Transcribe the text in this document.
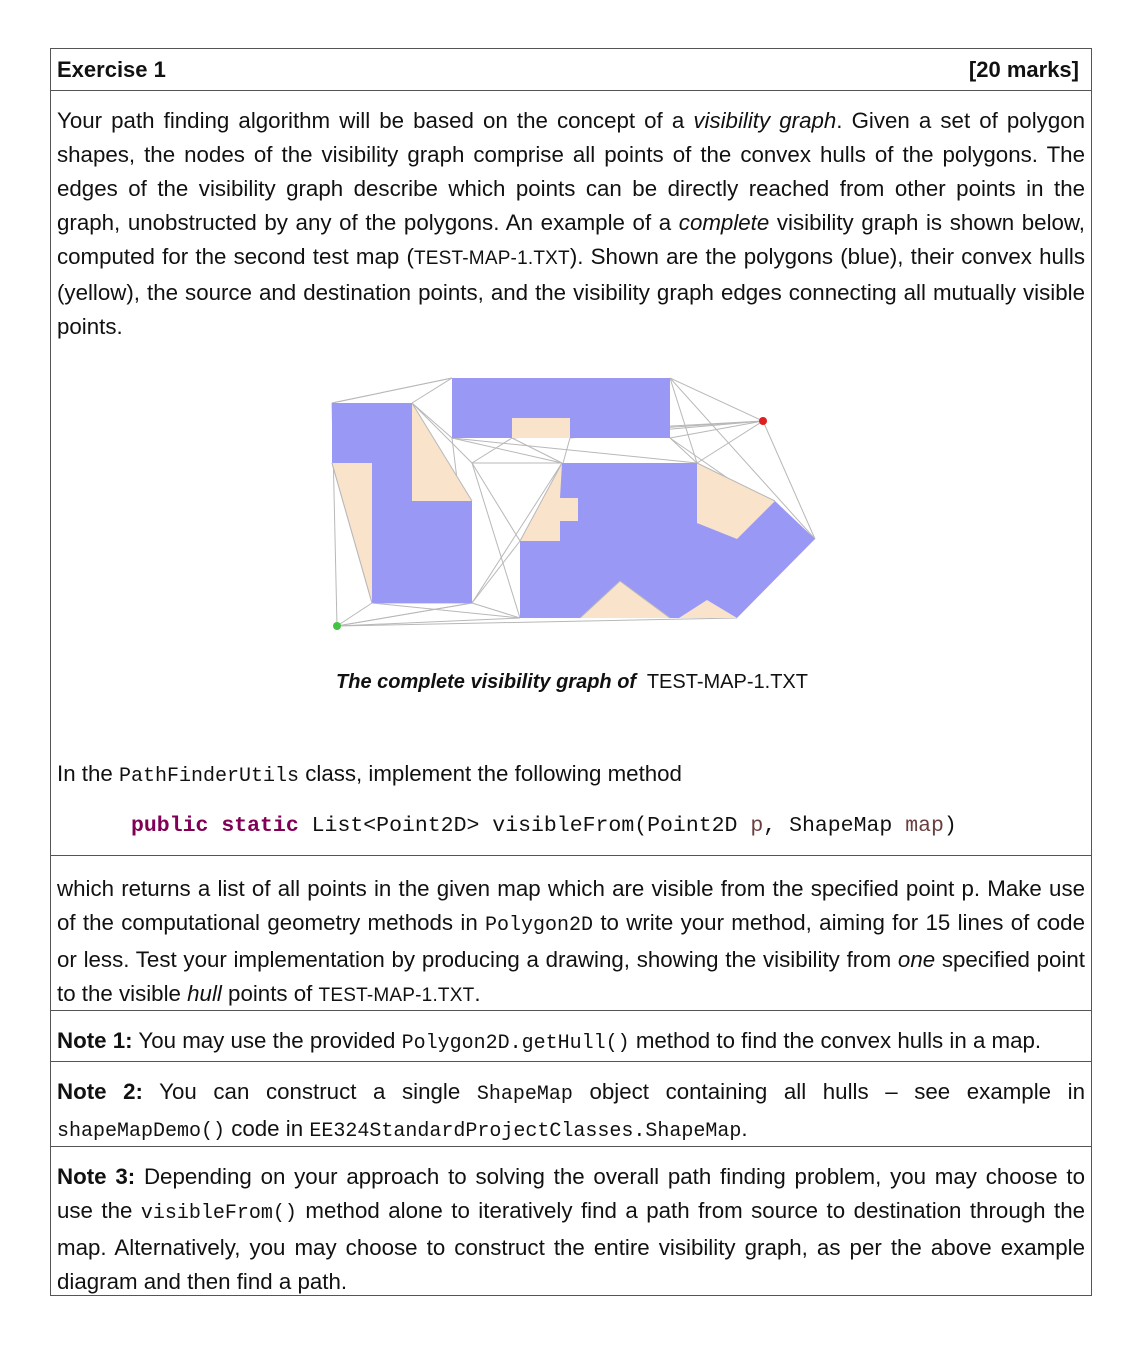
Exercise 1	[20 marks]
Your path finding algorithm will be based on the concept of a visibility graph. Given a set of polygon shapes, the nodes of the visibility graph comprise all points of the convex hulls of the polygons. The edges of the visibility graph describe which points can be directly reached from other points in the graph, unobstructed by any of the polygons. An example of a complete visibility graph is shown below, computed for the second test map (TEST-MAP-1.TXT). Shown are the polygons (blue), their convex hulls (yellow), the source and destination points, and the visibility graph edges connecting all mutually visible points.
The complete visibility graph of TEST-MAP-1.TXT
In the PathFinderUtils class, implement the following method
public static List<Point2D> visibleFrom(Point2D p, ShapeMap map)
which returns a list of all points in the given map which are visible from the specified point p. Make use of the computational geometry methods in Polygon2D to write your method, aiming for 15 lines of code or less. Test your implementation by producing a drawing, showing the visibility from one specified point to the visible hull points of TEST-MAP-1.TXT.
Note 1: You may use the provided Polygon2D.getHull() method to find the convex hulls in a map.
Note 2: You can construct a single ShapeMap object containing all hulls – see example in shapeMapDemo() code in EE324StandardProjectClasses.ShapeMap.
Note 3: Depending on your approach to solving the overall path finding problem, you may choose to use the visibleFrom() method alone to iteratively find a path from source to destination through the map. Alternatively, you may choose to construct the entire visibility graph, as per the above example diagram and then find a path.
